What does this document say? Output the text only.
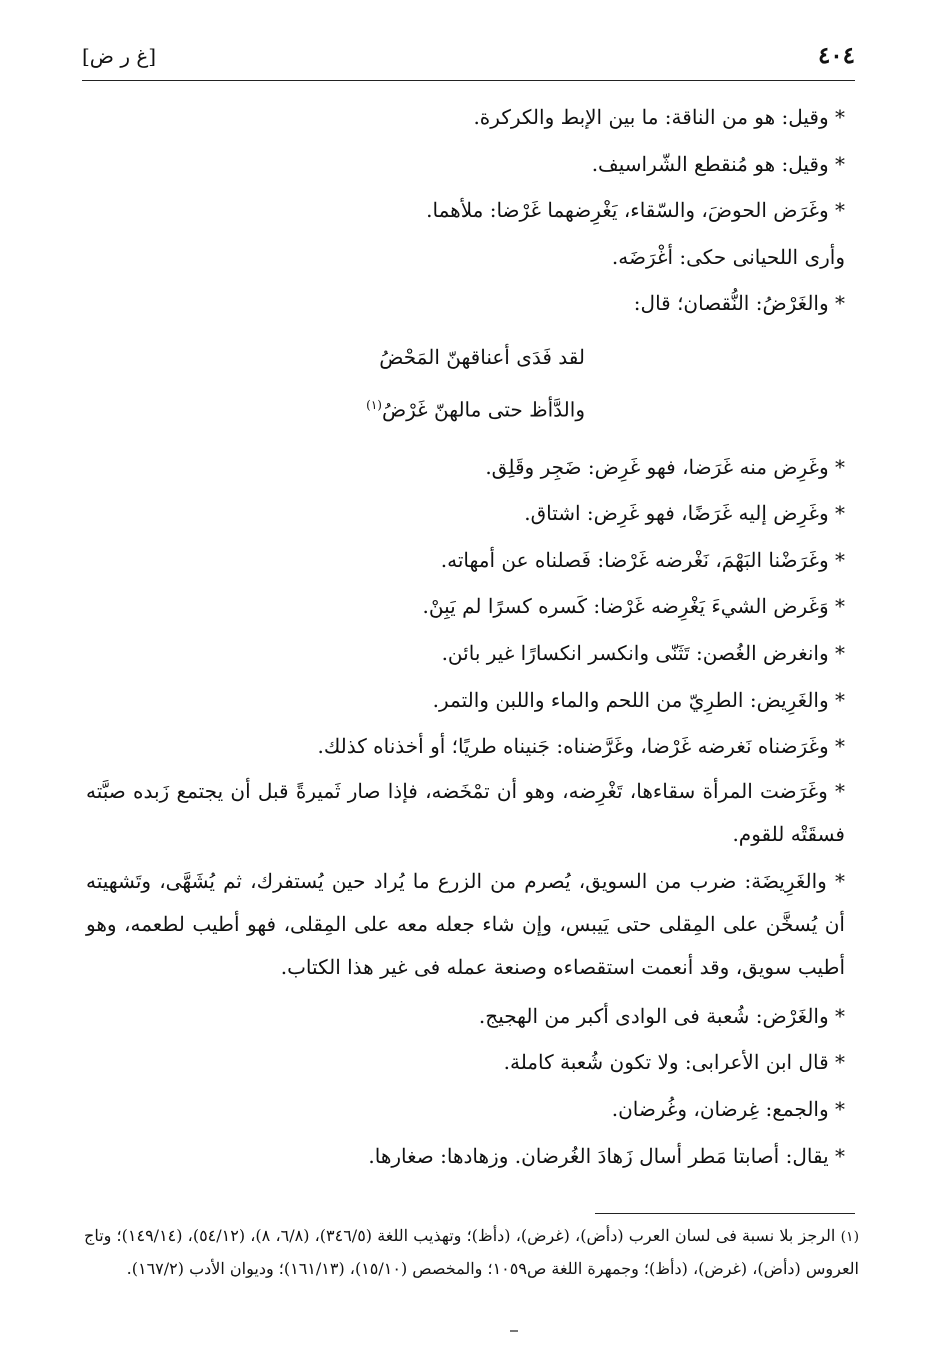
٤٠٤
[غ ر ض]

* وقيل: هو من الناقة: ما بين الإبط والكركرة.

* وقيل: هو مُنقطع الشّراسيف.

* وغَرَض الحوضَ، والسّقاء، يَغْرِضهما غَرْضا: ملأهما.

وأرى اللحيانى حكى: أغْرَضَه.

* والغَرْضُ: النُّقصان؛ قال:

لقد فَدَى أعناقهنّ المَحْضُ

والدَّأظ حتى مالهنّ غَرْضُ$^{(١)}$

* وغَرِض منه غَرَضا، فهو غَرِض: ضَجِر وقَلِق.

* وغَرِض إليه غَرَضًا، فهو غَرِض: اشتاق.

* وغَرَضْنا البَهْمَ، نَغْرضه غَرْضا: فَصلناه عن أمهاته.

* وَغَرض الشيءَ يَغْرِضه غَرْضا: كَسره كسرًا لم يَبِنْ.

* وانغرض الغُصن: تَثَنّى وانكسر انكسارًا غير بائن.

* والغَرِيض: الطرِيّ من اللحم والماء واللبن والتمر.

* وغَرَضناه نَغرضه غَرْضا، وغَرَّضناه: جَنيناه طريًا؛ أو أخذناه كذلك.

* وغَرَضت المرأة سقاءها، تَغْرِضه، وهو أن تمْخَضه، فإذا صار ثَميرةً قبل أن يجتمع زَبده صبَّته فسقَتْه للقوم.

* والغَرِيضَة: ضرب من السويق، يُصرم من الزرع ما يُراد حين يُستفرك، ثم يُشَهَّى، وتَشهيته أن يُسخَّن على المِقلى حتى يَيبس، وإن شاء جعله معه على المِقلى، فهو أطيب لطعمه، وهو أطيب سويق، وقد أنعمت استقصاءه وصنعة عمله فى غير هذا الكتاب.

* والغَرْض: شُعبة فى الوادى أكبر من الهجيج.

* قال ابن الأعرابى: ولا تكون شُعبة كاملة.

* والجمع: غِرضان، وغُرضان.

* يقال: أصابتا مَطر أسال زَهادَ الغُرضان. وزهادها: صغارها.

(١) الرجز بلا نسبة فى لسان العرب (دأض)، (غرض)، (دأظ)؛ وتهذيب اللغة (٣٤٦/٥)، (٦/٨، ٨)، (٥٤/١٢)، (١٤٩/١٤)؛ وتاج العروس (دأض)، (غرض)، (دأظ)؛ وجمهرة اللغة ص١٠٥٩؛ والمخصص (١٥/١٠)، (١٦١/١٣)؛ وديوان الأدب (١٦٧/٢).
